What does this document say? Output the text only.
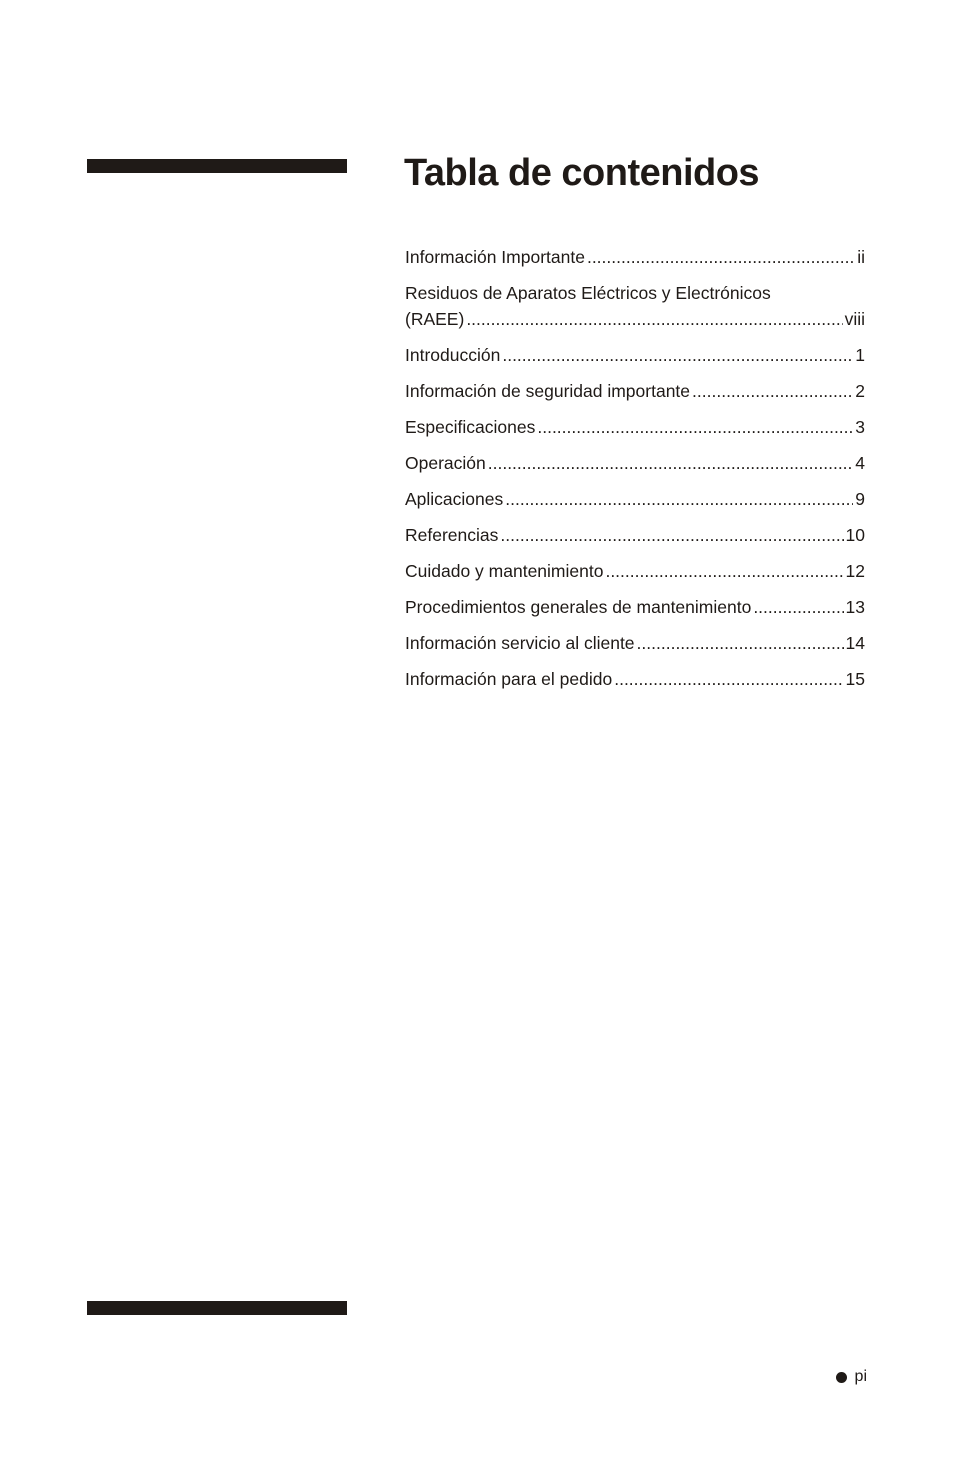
Tabla de contenidos
Información Importante .....	ii
Residuos de Aparatos Eléctricos y Electrónicos
(RAEE) .....	viii
Introducción .....	1
Información de seguridad importante .....	2
Especificaciones .....	3
Operación .....	4
Aplicaciones .....	9
Referencias .....	10
Cuidado y mantenimiento .....	12
Procedimientos generales de mantenimiento .....	13
Información servicio al cliente .....	14
Información para el pedido .....	15
pi
